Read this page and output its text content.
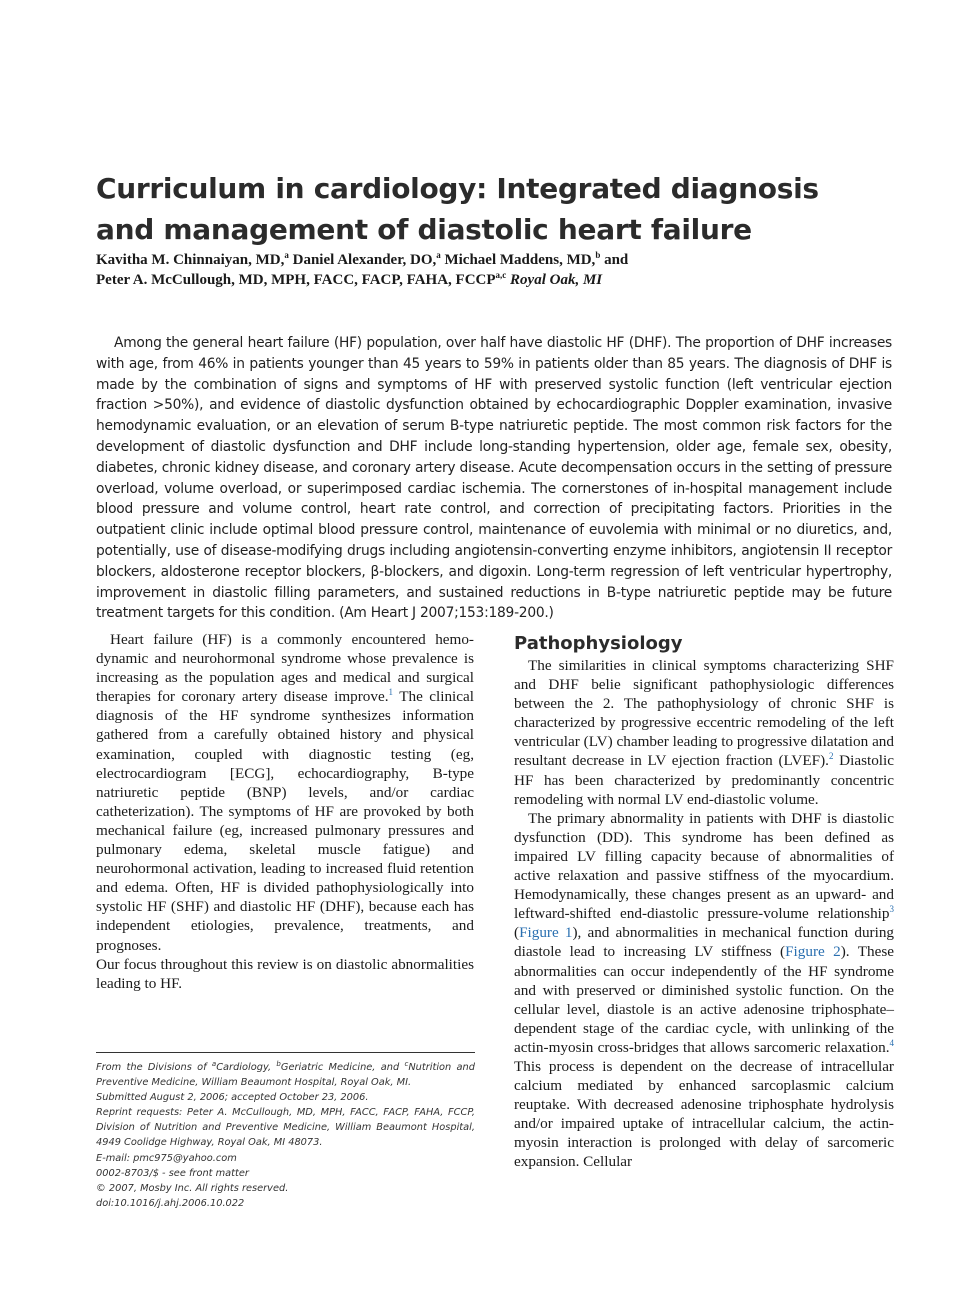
Curriculum in cardiology: Integrated diagnosis and management of diastolic heart failure
Kavitha M. Chinnaiyan, MD,$^a$ Daniel Alexander, DO,$^a$ Michael Maddens, MD,$^b$ and
Peter A. McCullough, MD, MPH, FACC, FACP, FAHA, FCCP$^{a,c}$ Royal Oak, MI

Among the general heart failure (HF) population, over half have diastolic HF (DHF). The proportion of DHF increases with age, from 46% in patients younger than 45 years to 59% in patients older than 85 years. The diagnosis of DHF is made by the combination of signs and symptoms of HF with preserved systolic function (left ventricular ejection fraction >50%), and evidence of diastolic dysfunction obtained by echocardiographic Doppler examination, invasive hemodynamic evaluation, or an elevation of serum B-type natriuretic peptide. The most common risk factors for the development of diastolic dysfunction and DHF include long-standing hypertension, older age, female sex, obesity, diabetes, chronic kidney disease, and coronary artery disease. Acute decompensation occurs in the setting of pressure overload, volume overload, or superimposed cardiac ischemia. The cornerstones of in-hospital management include blood pressure and volume control, heart rate control, and correction of precipitating factors. Priorities in the outpatient clinic include optimal blood pressure control, maintenance of euvolemia with minimal or no diuretics, and, potentially, use of disease-modifying drugs including angiotensin-converting enzyme inhibitors, angiotensin II receptor blockers, aldosterone receptor blockers, β-blockers, and digoxin. Long-term regression of left ventricular hypertrophy, improvement in diastolic filling parameters, and sustained reductions in B-type natriuretic peptide may be future treatment targets for this condition. (Am Heart J 2007;153:189-200.)

Heart failure (HF) is a commonly encountered hemo-dynamic and neurohormonal syndrome whose prevalence is increasing as the population ages and medical and surgical therapies for coronary artery disease improve.$^1$ The clinical diagnosis of the HF syndrome synthesizes information gathered from a carefully obtained history and physical examination, coupled with diagnostic testing (eg, electrocardiogram [ECG], echocardiography, B-type natriuretic peptide (BNP) levels, and/or cardiac catheterization). The symptoms of HF are provoked by both mechanical failure (eg, increased pulmonary pressures and pulmonary edema, skeletal muscle fatigue) and neurohormonal activation, leading to increased fluid retention and edema. Often, HF is divided pathophysiologically into systolic HF (SHF) and diastolic HF (DHF), because each has independent etiologies, prevalence, treatments, and prognoses.

Our focus throughout this review is on diastolic abnormalities leading to HF.

Pathophysiology

The similarities in clinical symptoms characterizing SHF and DHF belie significant pathophysiologic differences between the 2. The pathophysiology of chronic SHF is characterized by progressive eccentric remodeling of the left ventricular (LV) chamber leading to progressive dilatation and resultant decrease in LV ejection fraction (LVEF).$^2$ Diastolic HF has been characterized by predominantly concentric remodeling with normal LV end-diastolic volume.

The primary abnormality in patients with DHF is diastolic dysfunction (DD). This syndrome has been defined as impaired LV filling capacity because of abnormalities of active relaxation and passive stiffness of the myocardium. Hemodynamically, these changes present as an upward- and leftward-shifted end-diastolic pressure-volume relationship$^3$ (Figure 1), and abnormalities in mechanical function during diastole lead to increasing LV stiffness (Figure 2). These abnormalities can occur independently of the HF syndrome and with preserved or diminished systolic function. On the cellular level, diastole is an active adenosine triphosphate–dependent stage of the cardiac cycle, with unlinking of the actin-myosin cross-bridges that allows sarcomeric relaxation.$^4$ This process is dependent on the decrease of intracellular calcium mediated by enhanced sarcoplasmic calcium reuptake. With decreased adenosine triphosphate hydrolysis and/or impaired uptake of intracellular calcium, the actin-myosin interaction is prolonged with delay of sarcomeric expansion. Cellular

From the Divisions of $^a$Cardiology, $^b$Geriatric Medicine, and $^c$Nutrition and Preventive Medicine, William Beaumont Hospital, Royal Oak, MI.
Submitted August 2, 2006; accepted October 23, 2006.
Reprint requests: Peter A. McCullough, MD, MPH, FACC, FACP, FAHA, FCCP, Division of Nutrition and Preventive Medicine, William Beaumont Hospital, 4949 Coolidge Highway, Royal Oak, MI 48073.
E-mail: pmc975@yahoo.com
0002-8703/$ - see front matter
© 2007, Mosby Inc. All rights reserved.
doi:10.1016/j.ahj.2006.10.022
